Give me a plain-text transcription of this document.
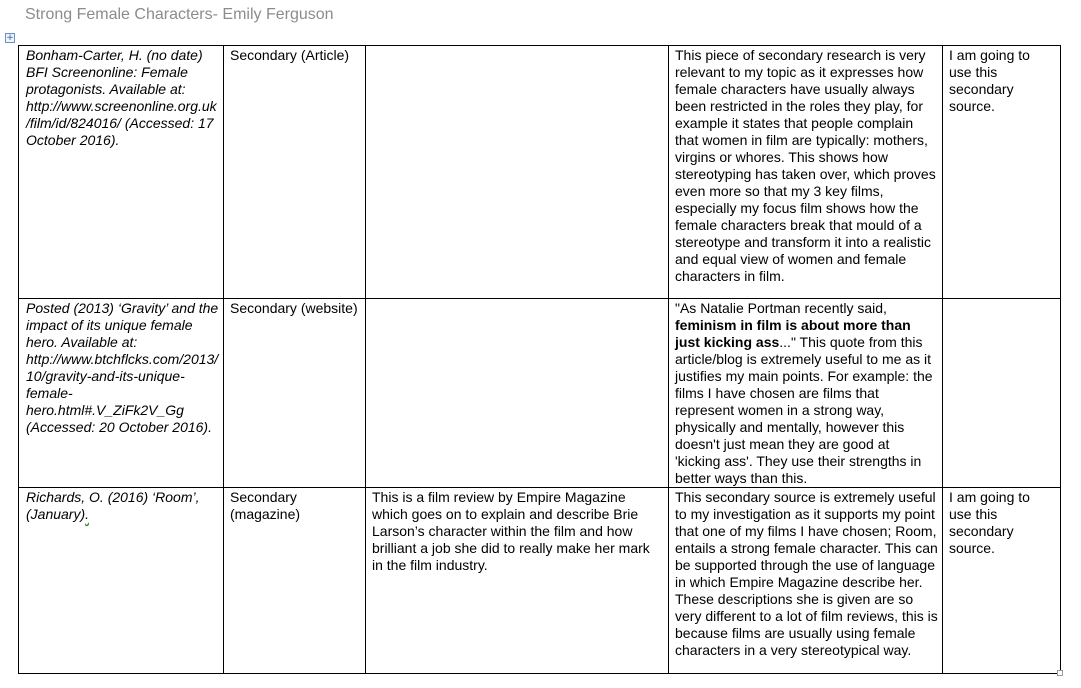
Strong Female Characters- Emily Ferguson
+
Bonham-Carter, H. (no date) BFI Screenonline: Female protagonists. Available at: http://www.screenonline.org.uk/film/id/824016/ (Accessed: 17 October 2016).	Secondary (Article)		This piece of secondary research is very relevant to my topic as it expresses how female characters have usually always been restricted in the roles they play, for example it states that people complain that women in film are typically: mothers, virgins or whores. This shows how stereotyping has taken over, which proves even more so that my 3 key films, especially my focus film shows how the female characters break that mould of a stereotype and transform it into a realistic and equal view of women and female characters in film.	I am going to use this secondary source.
Posted (2013) ‘Gravity’ and the impact of its unique female hero. Available at: http://www.btchflcks.com/2013/10/gravity-and-its-unique-female-hero.html#.V_ZiFk2V_Gg (Accessed: 20 October 2016).	Secondary (website)		"As Natalie Portman recently said, feminism in film is about more than just kicking ass..." This quote from this article/blog is extremely useful to me as it justifies my main points. For example: the films I have chosen are films that represent women in a strong way, physically and mentally, however this doesn't just mean they are good at 'kicking ass'. They use their strengths in better ways than this.	
Richards, O. (2016) ‘Room’, (January).	Secondary (magazine)	This is a film review by Empire Magazine which goes on to explain and describe Brie Larson’s character within the film and how brilliant a job she did to really make her mark in the film industry.	This secondary source is extremely useful to my investigation as it supports my point that one of my films I have chosen; Room, entails a strong female character. This can be supported through the use of language in which Empire Magazine describe her. These descriptions she is given are so very different to a lot of film reviews, this is because films are usually using female characters in a very stereotypical way.	I am going to use this secondary source.
